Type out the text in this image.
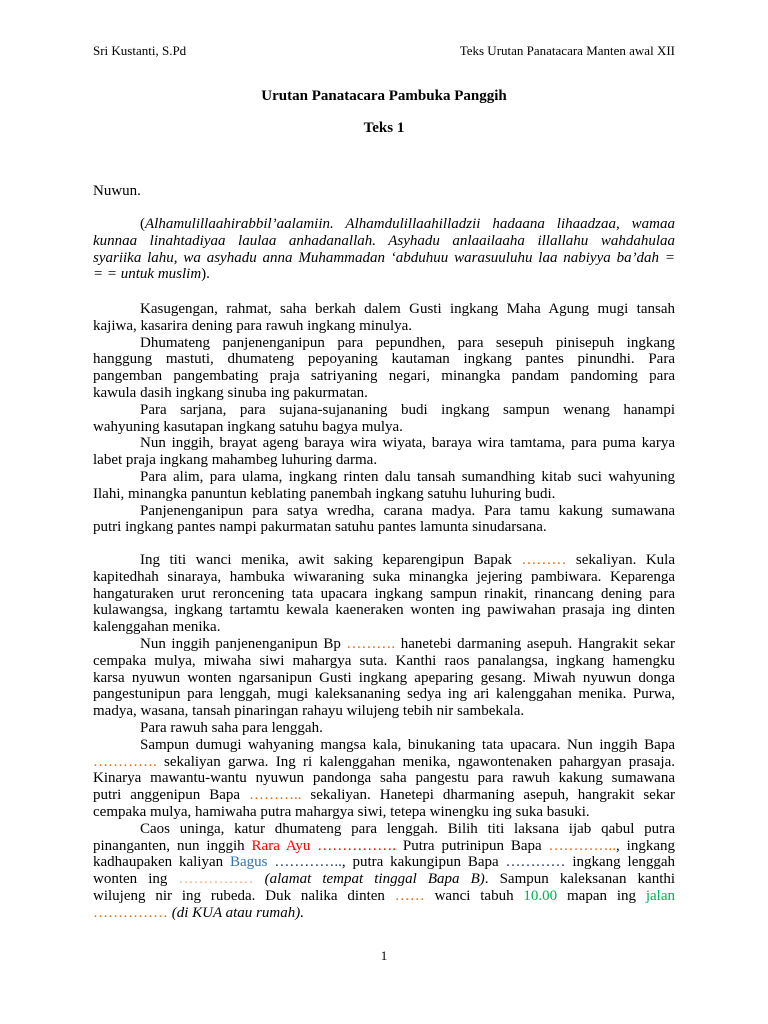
Sri Kustanti, S.Pd	Teks Urutan Panatacara Manten awal XII
Urutan Panatacara Pambuka Panggih
Teks 1
Nuwun.
(Alhamulillaahirabbil’aalamiin. Alhamdulillaahilladzii hadaana lihaadzaa, wamaa
kunnaa linahtadiyaa laulaa anhadanallah. Asyhadu anlaailaaha illallahu wahdahulaa
syariika lahu, wa asyhadu anna Muhammadan ‘abduhuu warasuuluhu laa nabiyya ba’dah =
= = untuk muslim).
Kasugengan, rahmat, saha berkah dalem Gusti ingkang Maha Agung mugi tansah
kajiwa, kasarira dening para rawuh ingkang minulya.
Dhumateng panjenenganipun para pepundhen, para sesepuh pinisepuh ingkang
hanggung mastuti, dhumateng pepoyaning kautaman ingkang pantes pinundhi. Para
pangemban pangembating praja satriyaning negari, minangka pandam pandoming para
kawula dasih ingkang sinuba ing pakurmatan.
Para sarjana, para sujana-sujananing budi ingkang sampun wenang hanampi
wahyuning kasutapan ingkang satuhu bagya mulya.
Nun inggih, brayat ageng baraya wira wiyata, baraya wira tamtama, para puma karya
labet praja ingkang mahambeg luhuring darma.
Para alim, para ulama, ingkang rinten dalu tansah sumandhing kitab suci wahyuning
Ilahi, minangka panuntun keblating panembah ingkang satuhu luhuring budi.
Panjenenganipun para satya wredha, carana madya. Para tamu kakung sumawana
putri ingkang pantes nampi pakurmatan satuhu pantes lamunta sinudarsana.
Ing titi wanci menika, awit saking keparengipun Bapak ……… sekaliyan. Kula
kapitedhah sinaraya, hambuka wiwaraning suka minangka jejering pambiwara. Keparenga
hangaturaken urut reroncening tata upacara ingkang sampun rinakit, rinancang dening para
kulawangsa, ingkang tartamtu kewala kaeneraken wonten ing pawiwahan prasaja ing dinten
kalenggahan menika.
Nun inggih panjenenganipun Bp ………. hanetebi darmaning asepuh. Hangrakit sekar
cempaka mulya, miwaha siwi mahargya suta. Kanthi raos panalangsa, ingkang hamengku
karsa nyuwun wonten ngarsanipun Gusti ingkang apeparing gesang. Miwah nyuwun donga
pangestunipun para lenggah, mugi kaleksananing sedya ing ari kalenggahan menika. Purwa,
madya, wasana, tansah pinaringan rahayu wilujeng tebih nir sambekala.
Para rawuh saha para lenggah.
Sampun dumugi wahyaning mangsa kala, binukaning tata upacara. Nun inggih Bapa
…………. sekaliyan garwa. Ing ri kalenggahan menika, ngawontenaken pahargyan prasaja.
Kinarya mawantu-wantu nyuwun pandonga saha pangestu para rawuh kakung sumawana
putri anggenipun Bapa ……….. sekaliyan. Hanetepi dharmaning asepuh, hangrakit sekar
cempaka mulya, hamiwaha putra mahargya siwi, tetepa winengku ing suka basuki.
Caos uninga, katur dhumateng para lenggah. Bilih titi laksana ijab qabul putra
pinanganten, nun inggih Rara Ayu ……………. Putra putrinipun Bapa ………….., ingkang
kadhaupaken kaliyan Bagus ………….., putra kakungipun Bapa ………… ingkang lenggah
wonten ing …………… (alamat tempat tinggal Bapa B). Sampun kaleksanan kanthi
wilujeng nir ing rubeda. Duk nalika dinten …… wanci tabuh 10.00 mapan ing jalan
…………… (di KUA atau rumah).
1
